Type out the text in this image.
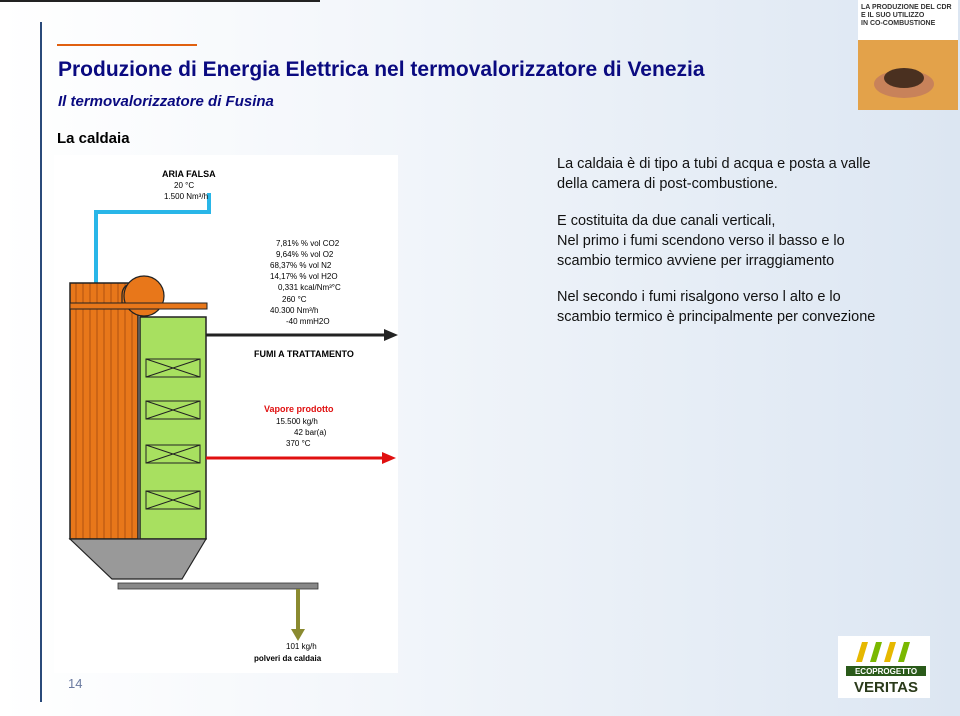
Produzione di Energia Elettrica nel termovalorizzatore di Venezia
Il termovalorizzatore di Fusina
La caldaia
La caldaia è di tipo a tubi d acqua e posta a valle
della camera di post-combustione.
E costituita da due canali verticali,
Nel primo i fumi scendono verso il basso e lo
scambio termico avviene per irraggiamento
Nel secondo i fumi risalgono verso l alto e lo
scambio termico è principalmente per convezione
ARIA FALSA
20 °C
1.500 Nm³/h
101 kg/h
polveri da caldaia
7,81% % vol CO2
9,64% % vol O2
68,37% % vol N2
14,17% % vol H2O
0,331 kcal/Nm³°C
260 °C
40.300 Nm³/h
-40 mmH2O
FUMI A TRATTAMENTO
Vapore prodotto
15.500 kg/h
42 bar(a)
370 °C
14
LA PRODUZIONE DEL CDR
E IL SUO UTILIZZO
IN CO-COMBUSTIONE
ECOPROGETTO
VERITAS
